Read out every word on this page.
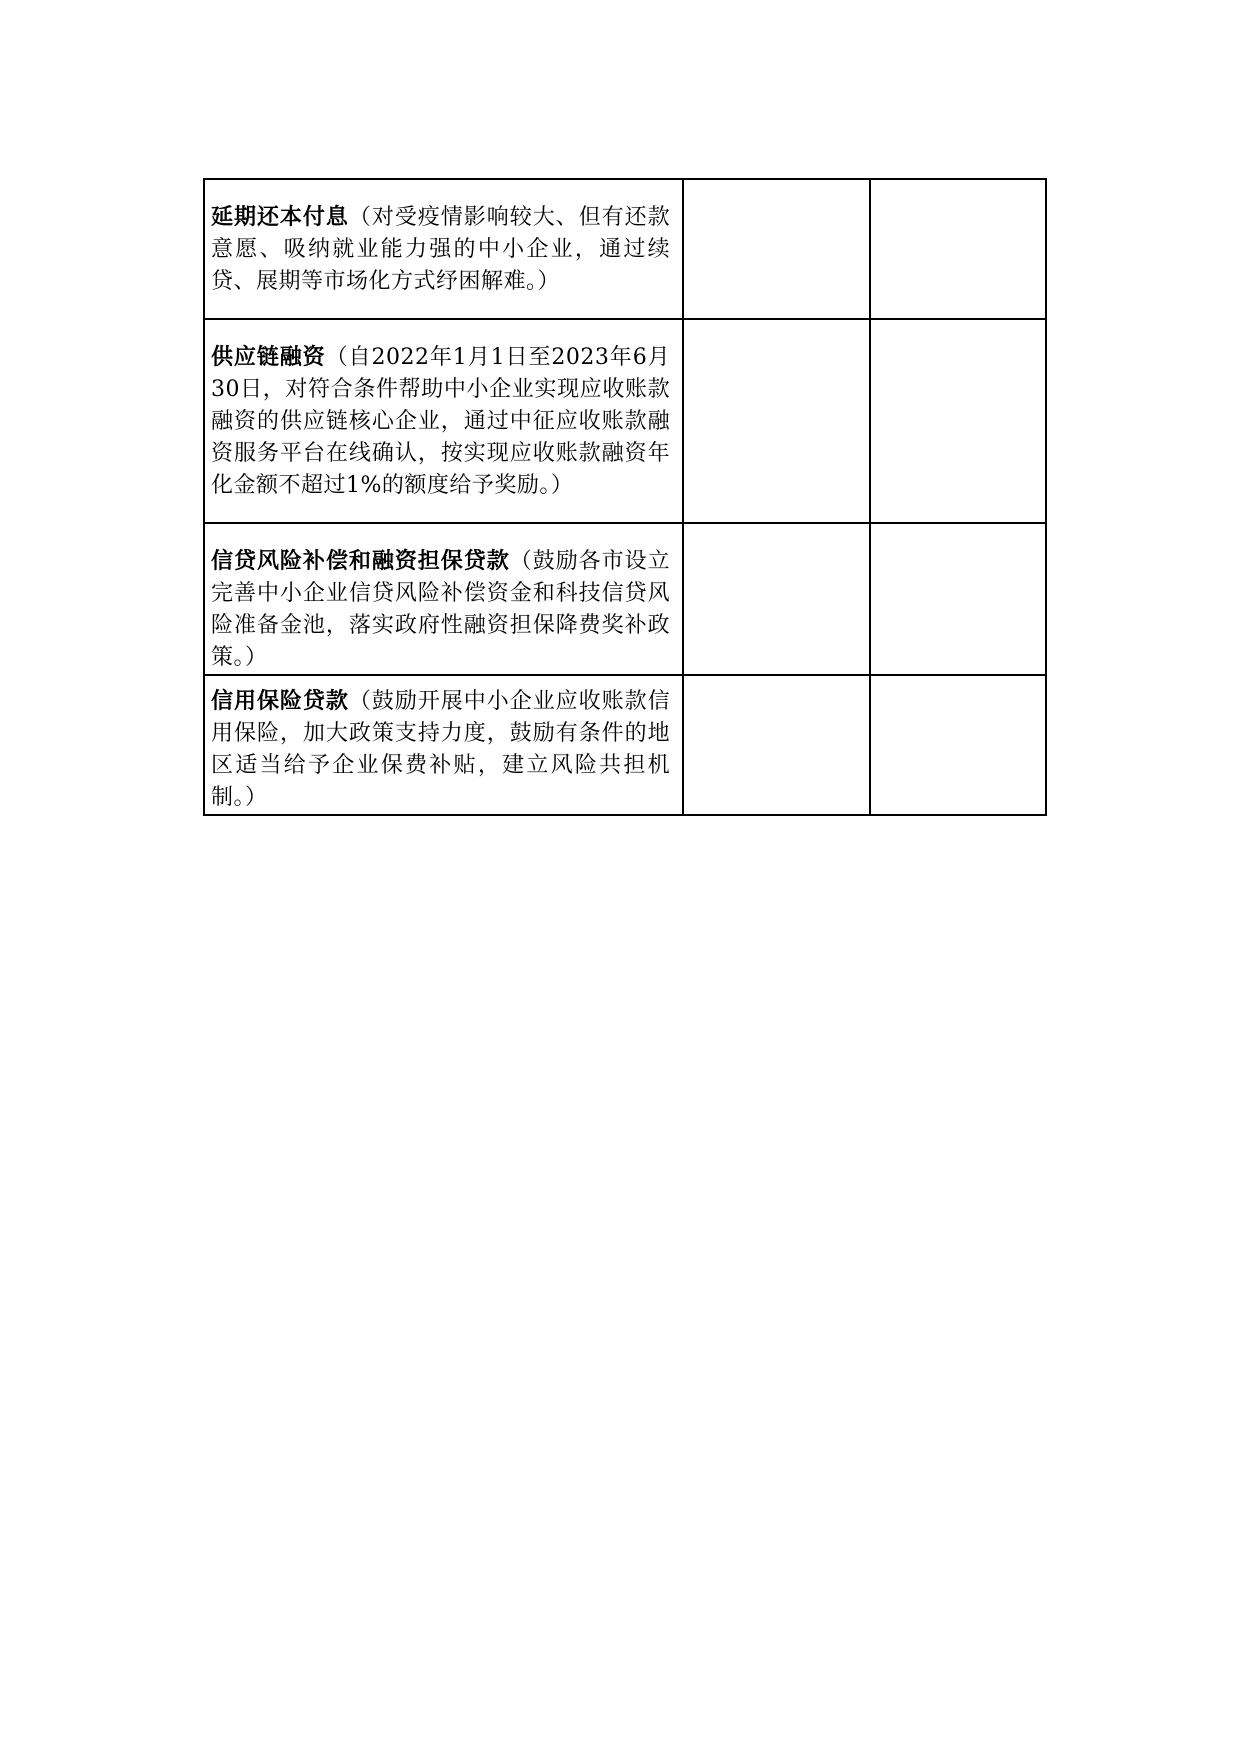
延期还本付息（对受疫情影响较大、但有还款意愿、吸纳就业能力强的中小企业，通过续贷、展期等市场化方式纾困解难。）		
供应链融资（自2022年1月1日至2023年6月30日，对符合条件帮助中小企业实现应收账款融资的供应链核心企业，通过中征应收账款融资服务平台在线确认，按实现应收账款融资年化金额不超过1%的额度给予奖励。）		
信贷风险补偿和融资担保贷款（鼓励各市设立完善中小企业信贷风险补偿资金和科技信贷风险准备金池，落实政府性融资担保降费奖补政策。）		
信用保险贷款（鼓励开展中小企业应收账款信用保险，加大政策支持力度，鼓励有条件的地区适当给予企业保费补贴，建立风险共担机制。）		
